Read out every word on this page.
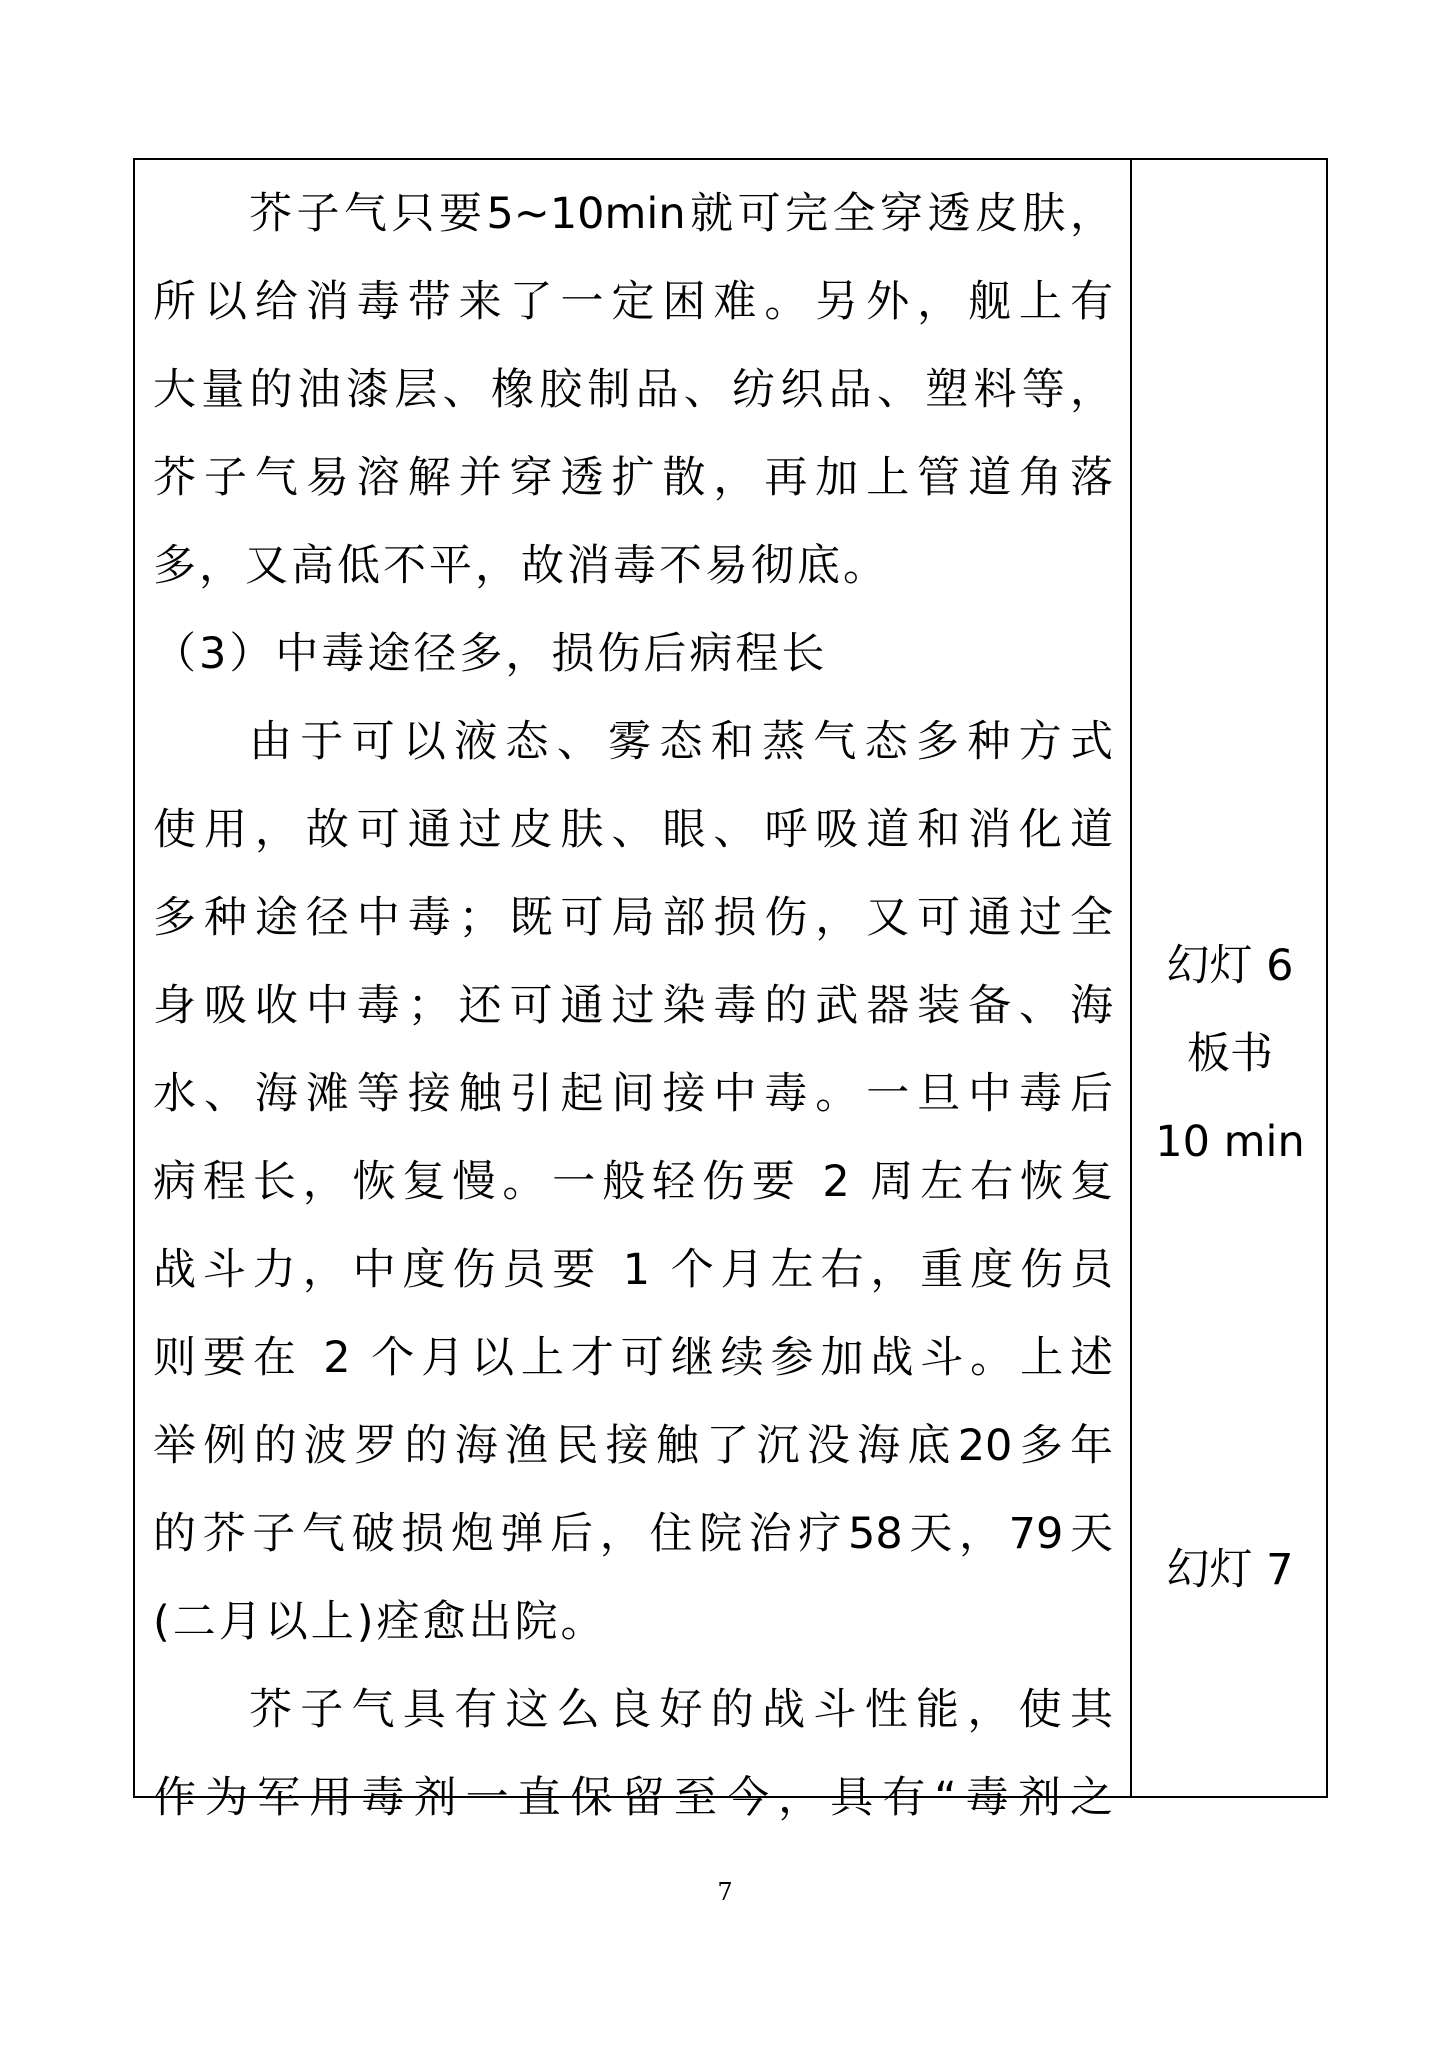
芥子气只要5~10min就可完全穿透皮肤，
所以给消毒带来了一定困难。另外，舰上有
大量的油漆层、橡胶制品、纺织品、塑料等，
芥子气易溶解并穿透扩散，再加上管道角落
多，又高低不平，故消毒不易彻底。
（3）中毒途径多，损伤后病程长
由于可以液态、雾态和蒸气态多种方式
使用，故可通过皮肤、眼、呼吸道和消化道
多种途径中毒；既可局部损伤，又可通过全
身吸收中毒；还可通过染毒的武器装备、海
水、海滩等接触引起间接中毒。一旦中毒后
病程长，恢复慢。一般轻伤要 2 周左右恢复
战斗力，中度伤员要 1 个月左右，重度伤员
则要在 2 个月以上才可继续参加战斗。上述
举例的波罗的海渔民接触了沉没海底20多年
的芥子气破损炮弹后，住院治疗58天，79天
(二月以上)痊愈出院。
芥子气具有这么良好的战斗性能，使其
作为军用毒剂一直保留至今，具有“毒剂之
幻灯 6
板书
10 min
幻灯 7
7
